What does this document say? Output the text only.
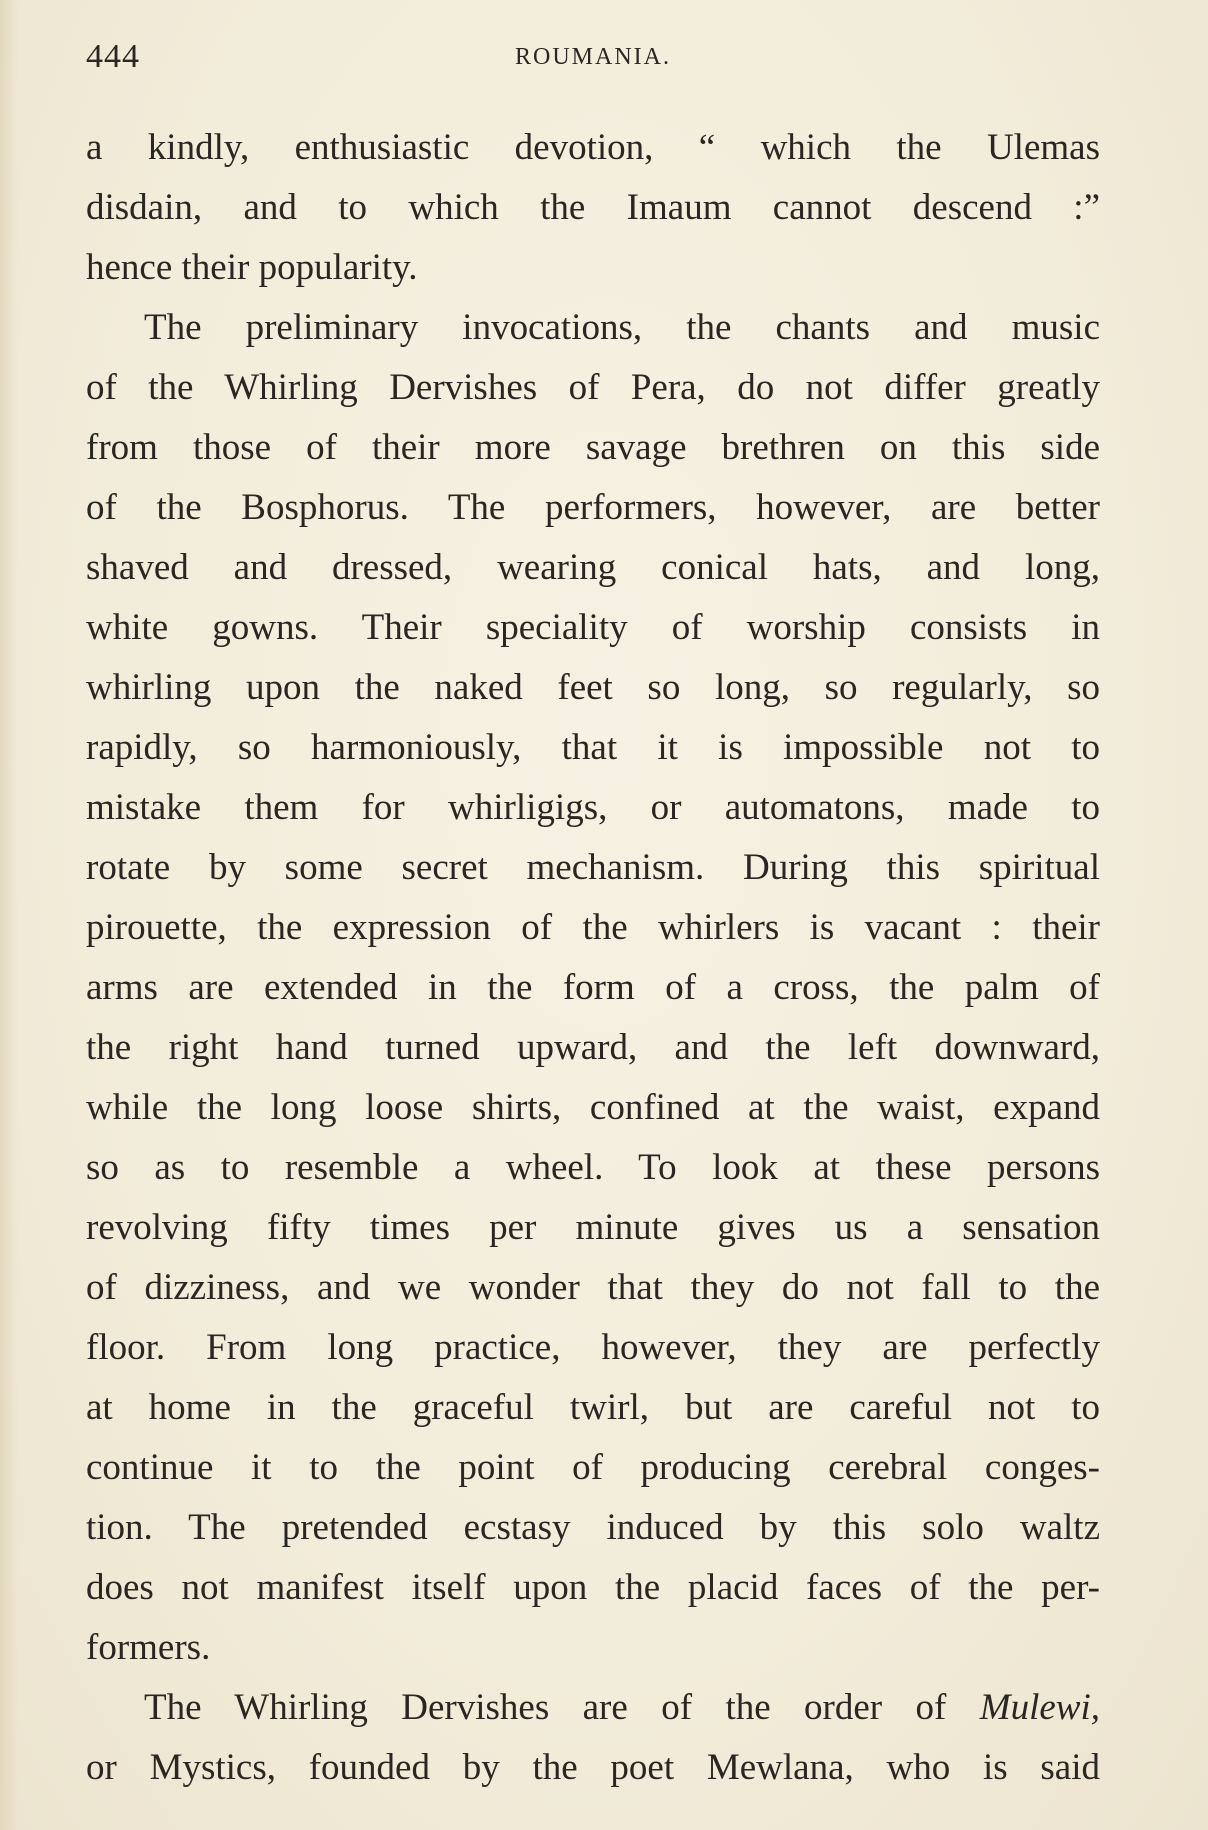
444	ROUMANIA.
a kindly, enthusiastic devotion, “ which the Ulemas
disdain, and to which the Imaum cannot descend :”
hence their popularity.
The preliminary invocations, the chants and music
of the Whirling Dervishes of Pera, do not differ greatly
from those of their more savage brethren on this side
of the Bosphorus. The performers, however, are better
shaved and dressed, wearing conical hats, and long,
white gowns. Their speciality of worship consists in
whirling upon the naked feet so long, so regularly, so
rapidly, so harmoniously, that it is impossible not to
mistake them for whirligigs, or automatons, made to
rotate by some secret mechanism. During this spiritual
pirouette, the expression of the whirlers is vacant : their
arms are extended in the form of a cross, the palm of
the right hand turned upward, and the left downward,
while the long loose shirts, confined at the waist, expand
so as to resemble a wheel. To look at these persons
revolving fifty times per minute gives us a sensation
of dizziness, and we wonder that they do not fall to the
floor. From long practice, however, they are perfectly
at home in the graceful twirl, but are careful not to
continue it to the point of producing cerebral conges-
tion. The pretended ecstasy induced by this solo waltz
does not manifest itself upon the placid faces of the per-
formers.
The Whirling Dervishes are of the order of Mulewi,
or Mystics, founded by the poet Mewlana, who is said
